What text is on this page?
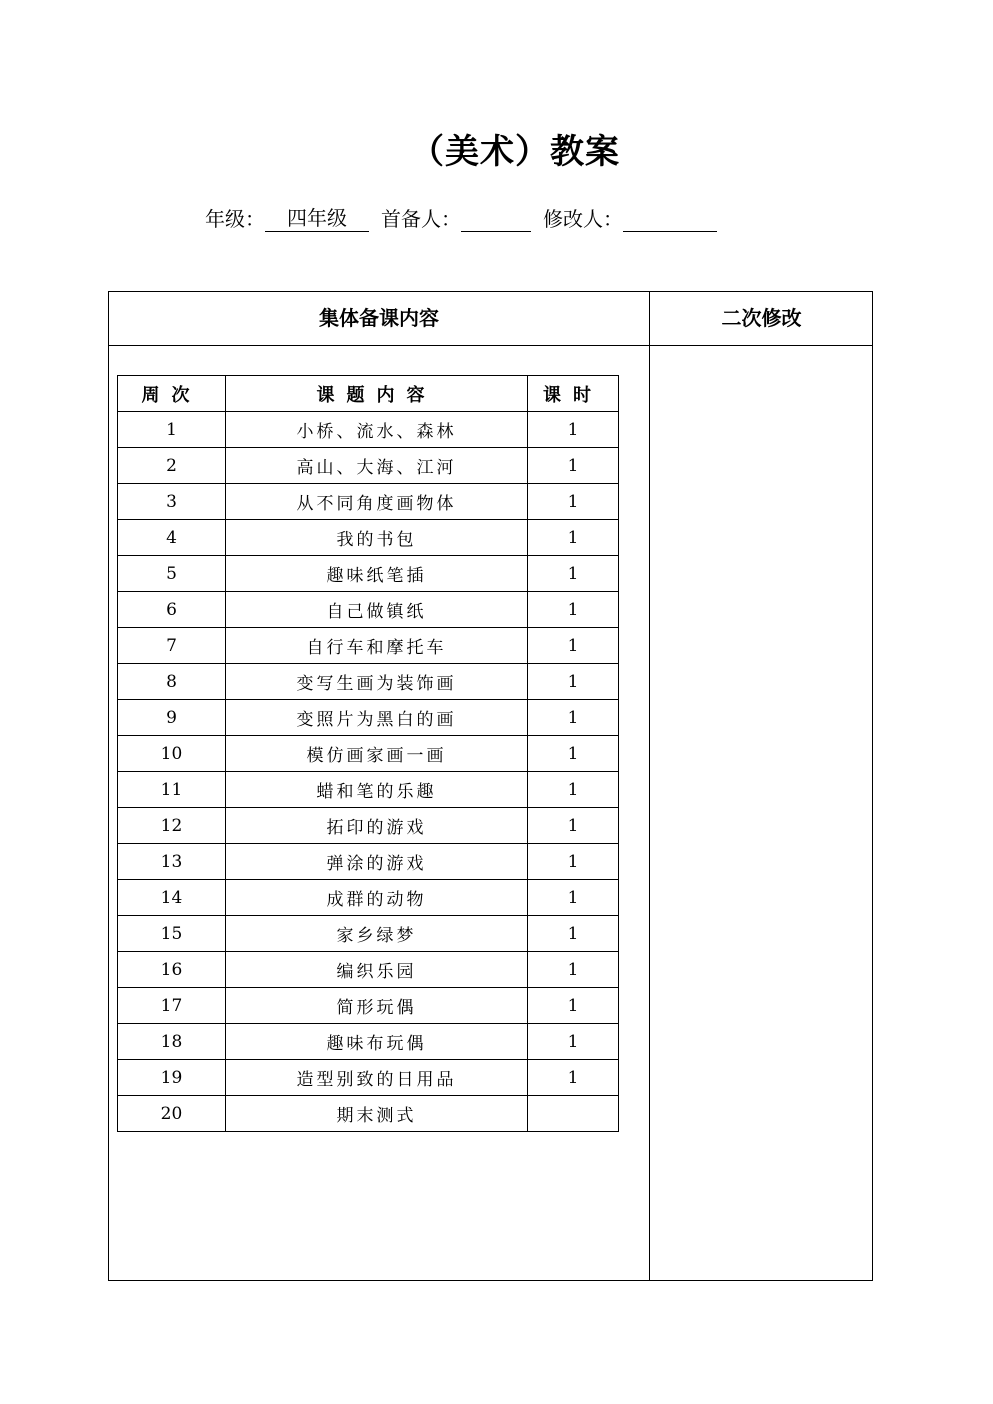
（美术）教案
年级：	四年级	首备人：	修改人：
集体备课内容	二次修改
周次	课题内容	课时
1	小桥、流水、森林	1
2	高山、大海、江河	1
3	从不同角度画物体	1
4	我的书包	1
5	趣味纸笔插	1
6	自己做镇纸	1
7	自行车和摩托车	1
8	变写生画为装饰画	1
9	变照片为黑白的画	1
10	模仿画家画一画	1
11	蜡和笔的乐趣	1
12	拓印的游戏	1
13	弹涂的游戏	1
14	成群的动物	1
15	家乡绿梦	1
16	编织乐园	1
17	简形玩偶	1
18	趣味布玩偶	1
19	造型别致的日用品	1
20	期末测式	
